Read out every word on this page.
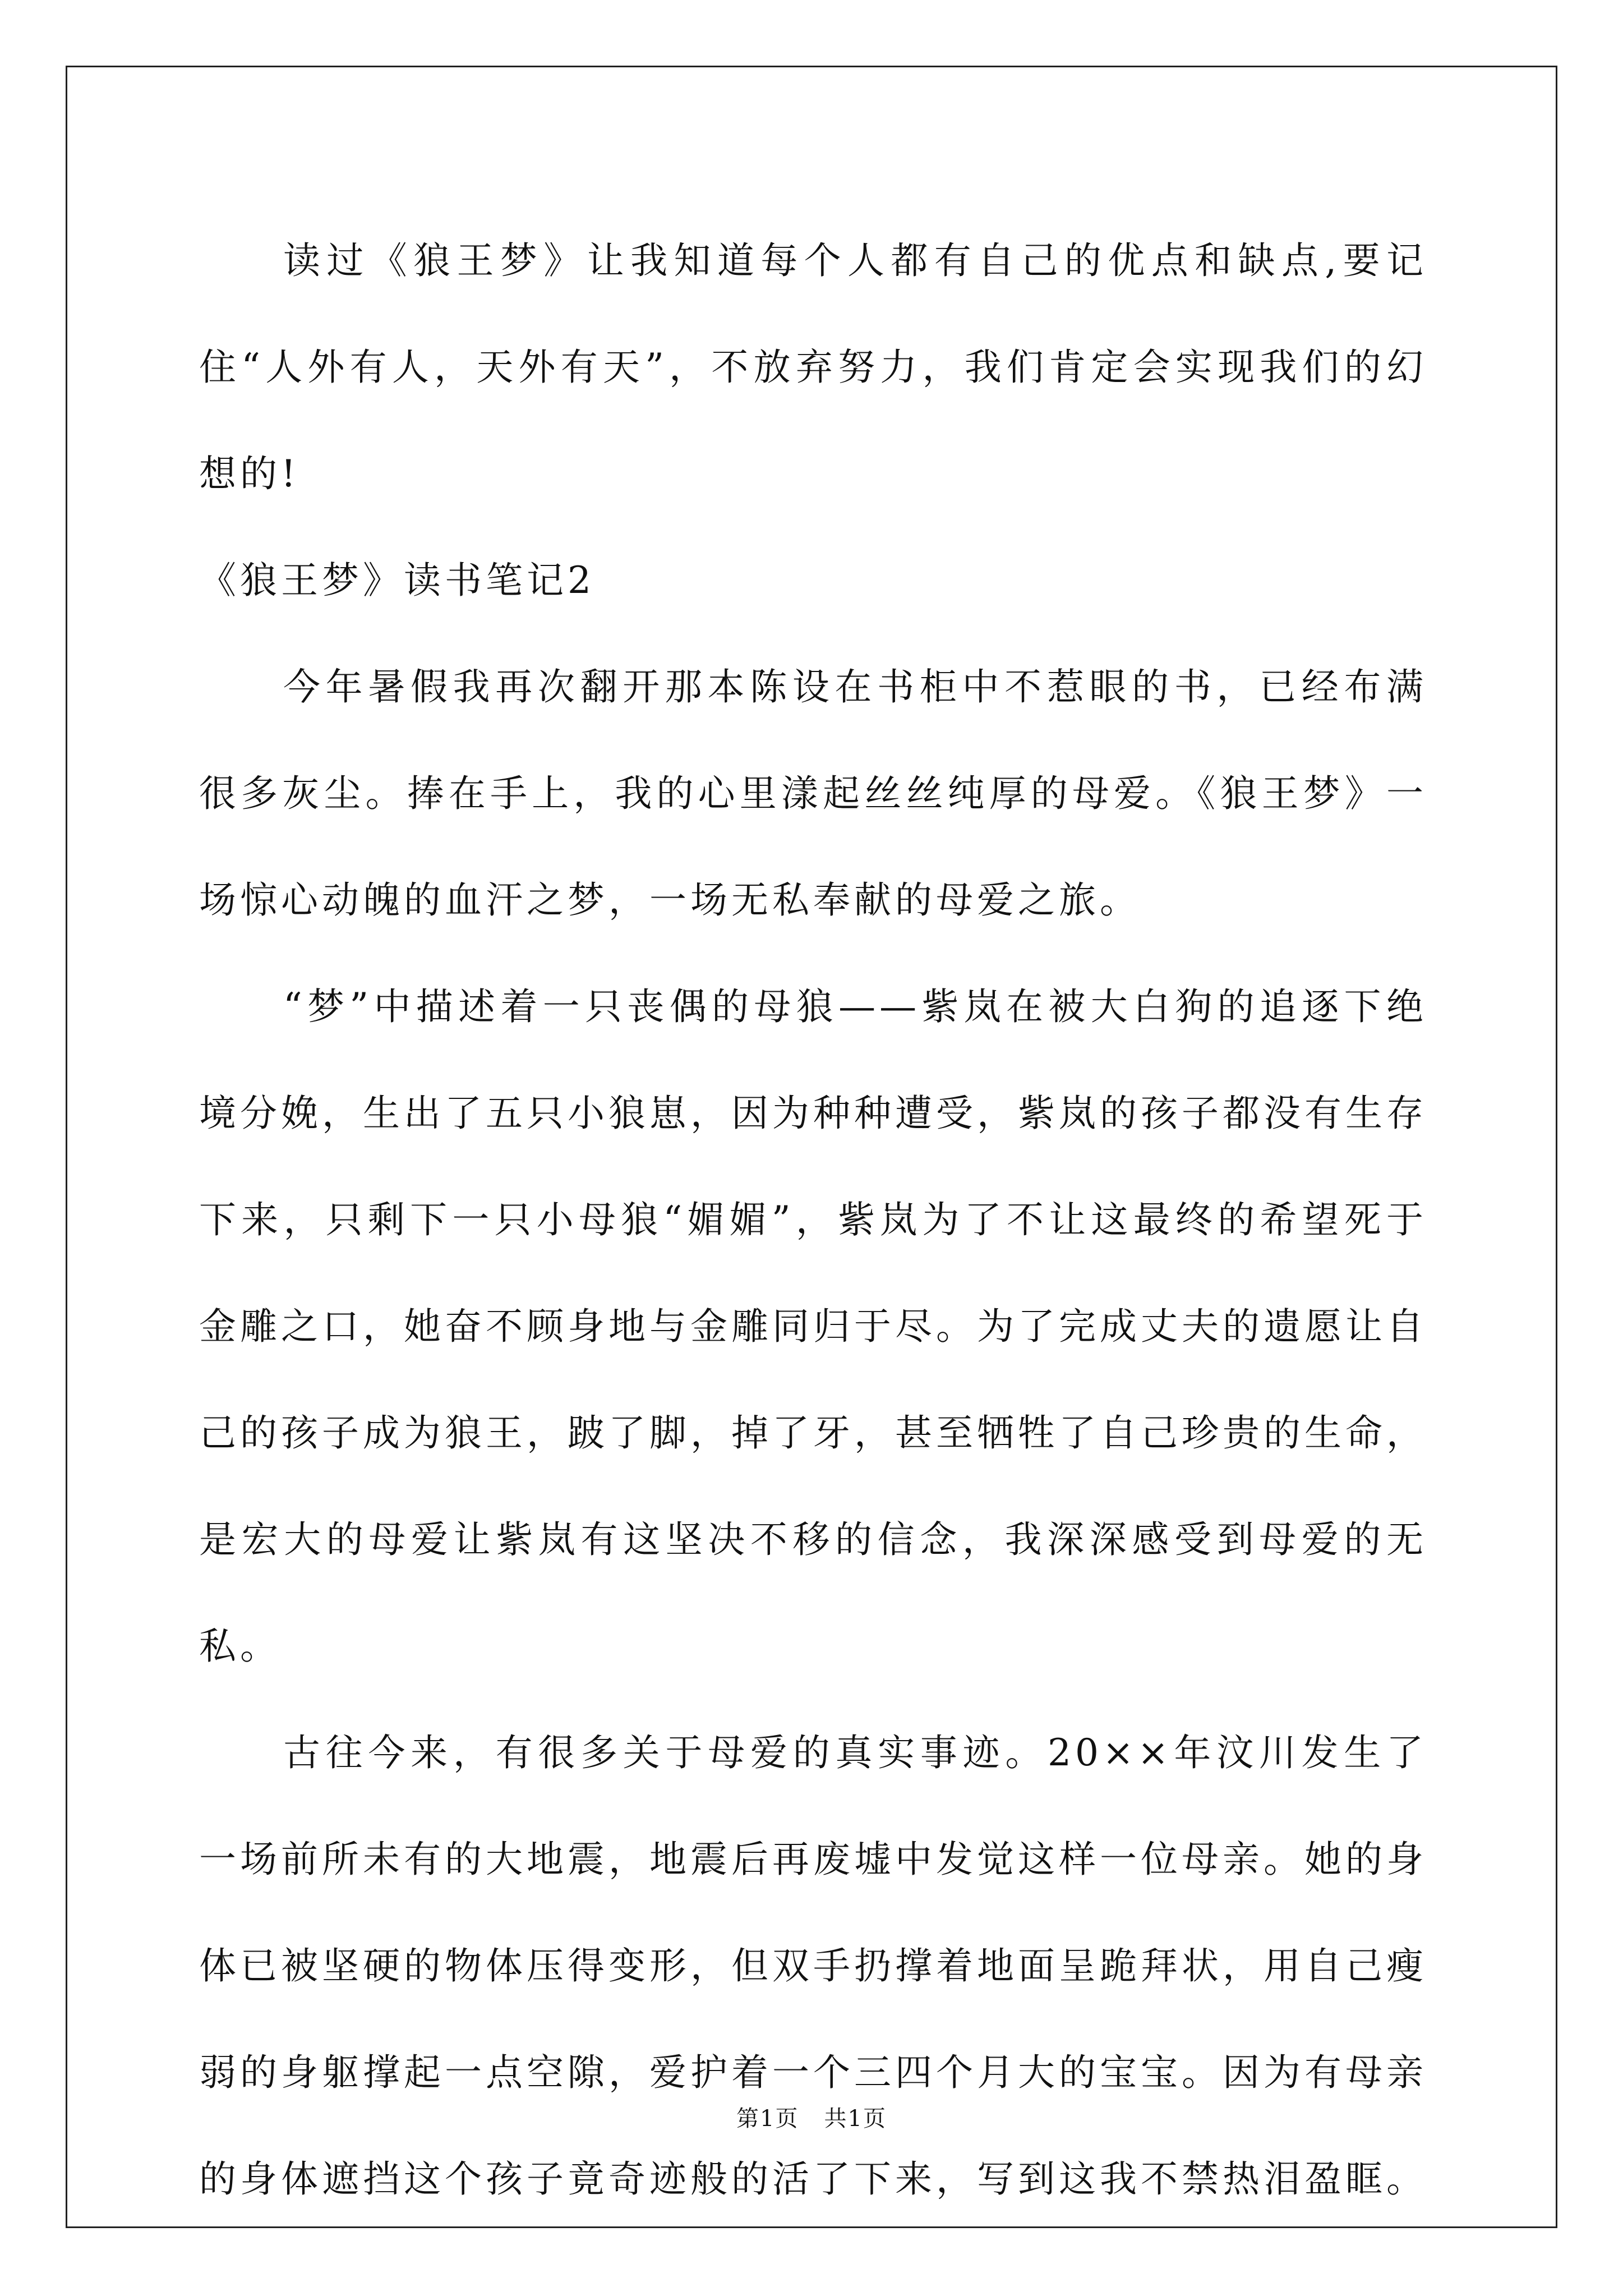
读过《狼王梦》让我知道每个人都有自己的优点和缺点,要记住“人外有人，天外有天”，不放弃努力，我们肯定会实现我们的幻想的!

《狼王梦》读书笔记2

今年暑假我再次翻开那本陈设在书柜中不惹眼的书，已经布满很多灰尘。捧在手上，我的心里漾起丝丝纯厚的母爱。《狼王梦》一场惊心动魄的血汗之梦，一场无私奉献的母爱之旅。

“梦”中描述着一只丧偶的母狼——紫岚在被大白狗的追逐下绝境分娩，生出了五只小狼崽，因为种种遭受，紫岚的孩子都没有生存下来，只剩下一只小母狼“媚媚”，紫岚为了不让这最终的希望死于金雕之口，她奋不顾身地与金雕同归于尽。为了完成丈夫的遗愿让自己的孩子成为狼王，跛了脚，掉了牙，甚至牺牲了自己珍贵的生命，是宏大的母爱让紫岚有这坚决不移的信念，我深深感受到母爱的无私。

古往今来，有很多关于母爱的真实事迹。20××年汶川发生了一场前所未有的大地震，地震后再废墟中发觉这样一位母亲。她的身体已被坚硬的物体压得变形，但双手扔撑着地面呈跪拜状，用自己瘦弱的身躯撑起一点空隙，爱护着一个三四个月大的宝宝。因为有母亲的身体遮挡这个孩子竟奇迹般的活了下来，写到这我不禁热泪盈眶。

第1页 共1页
